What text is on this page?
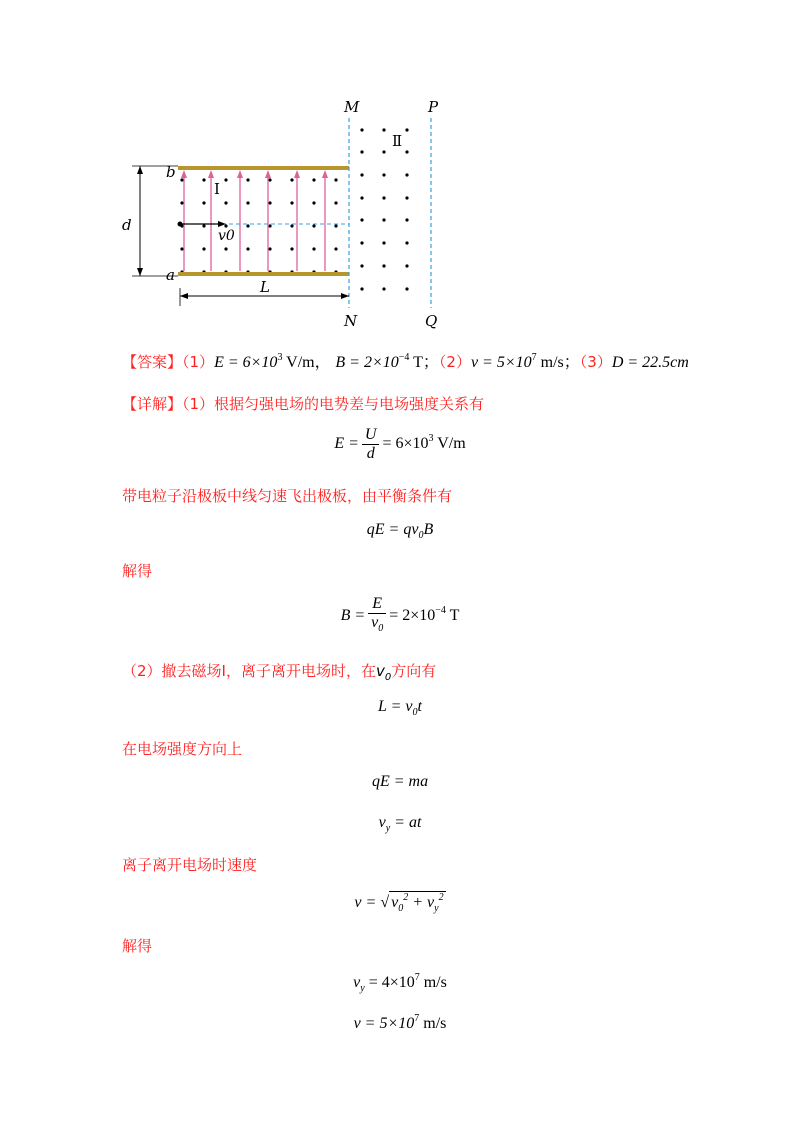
M	P
N	Q
b
a
d
L
Ⅰ
Ⅱ
v0
【答案】$(1)E = 6\times 10^3$ V/m， $B = 2\times 10^{-4}$ T；$(2)v = 5\times 10^7$ m/s；（3）D = 22.5cm
【详解】（1）根据匀强电场的电势差与电场强度关系有
$E = \frac{U}{d} = 6\times 10^3$ V/m
带电粒子沿极板中线匀速飞出极板，由平衡条件有
qE = $qv_0B$
解得
$B = \frac{E}{v_0} = 2\times 10^{-4}$ T
（2）撤去磁场Ⅰ，离子离开电场时，在$v_0$方向有
$L = v_0t$
在电场强度方向上
qE = ma
$v_y$ = at
离子离开电场时速度
v = √ $v_0^2 + v_y^2$
解得
$v_y = 4\times 10^7$ m/s
$v = 5\times 10^7$ m/s
